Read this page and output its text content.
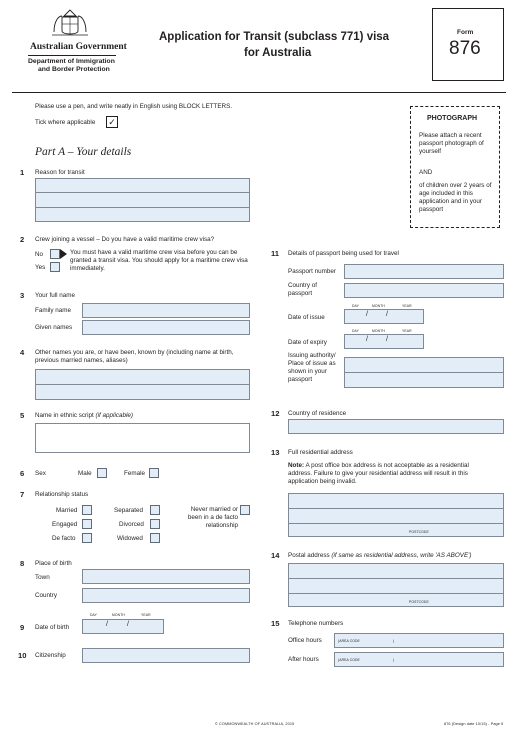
Australian Government
Department of Immigration
and Border Protection
Application for Transit (subclass 771) visa
for Australia
Form
876
Please use a pen, and write neatly in English using BLOCK LETTERS.
Tick where applicable ✓	PHOTOGRAPH
Please attach a recent passport photograph of yourself
AND
of children over 2 years of age included in this application and in your passport
Part A – Your details
1 Reason for transit
2 Crew joining a vessel – Do you have a valid maritime crew visa?
No
Yes
You must have a valid maritime crew visa before you can be granted a transit visa. You should apply for a maritime crew visa immediately.
3 Your full name
Family name
Given names
4 Other names you are, or have been, known by (including name at birth, previous married names, aliases)
5 Name in ethnic script (if applicable)
6 Sex	Male	Female
7 Relationship status
Married
Engaged
De facto
Separated
Divorced
Widowed
Never married or been in a de facto relationship
8 Place of birth
Town
Country
DAY	MONTH	YEAR
9 Date of birth	/	/
10 Citizenship
11 Details of passport being used for travel
Passport number
Country of passport
DAY	MONTH	YEAR
Date of issue	/	/
DAY	MONTH	YEAR
Date of expiry	/	/
Issuing authority/ Place of issue as shown in your passport
12 Country of residence
13 Full residential address
Note: A post office box address is not acceptable as a residential address. Failure to give your residential address will result in this application being invalid.
POSTCODE
14 Postal address (if same as residential address, write 'AS ABOVE')
POSTCODE
15 Telephone numbers
Office hours	(AREA CODE	)
After hours	(AREA CODE	)
© COMMONWEALTH OF AUSTRALIA, 2015	876 (Design date 10/15) - Page 5
